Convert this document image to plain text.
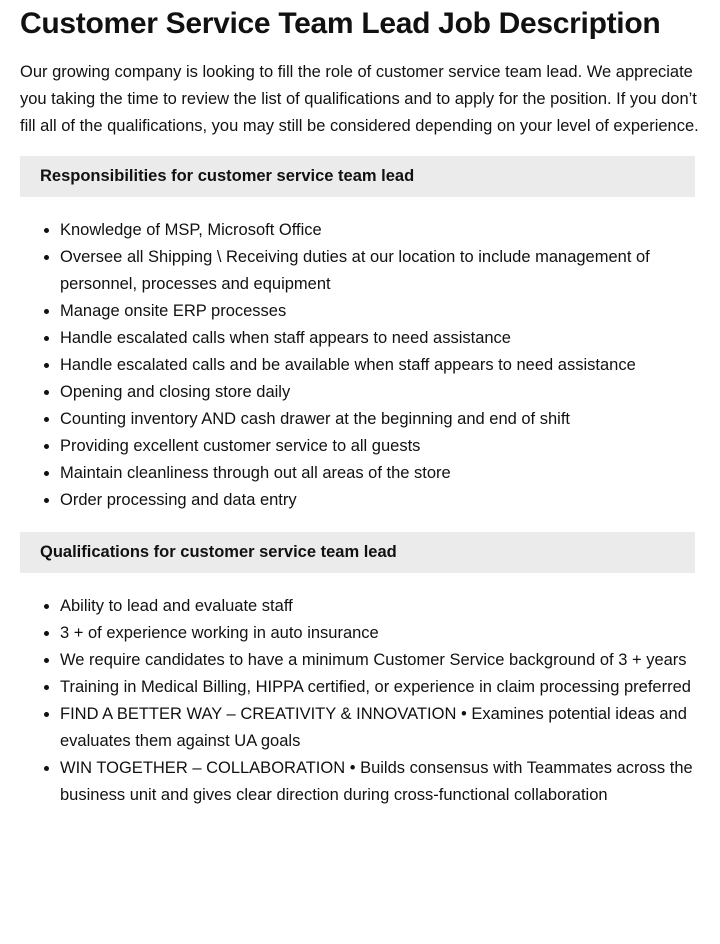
Customer Service Team Lead Job Description

Our growing company is looking to fill the role of customer service team lead. We appreciate you taking the time to review the list of qualifications and to apply for the position. If you don’t fill all of the qualifications, you may still be considered depending on your level of experience.

Responsibilities for customer service team lead
• Knowledge of MSP, Microsoft Office
• Oversee all Shipping \ Receiving duties at our location to include management of personnel, processes and equipment
• Manage onsite ERP processes
• Handle escalated calls when staff appears to need assistance
• Handle escalated calls and be available when staff appears to need assistance
• Opening and closing store daily
• Counting inventory AND cash drawer at the beginning and end of shift
• Providing excellent customer service to all guests
• Maintain cleanliness through out all areas of the store
• Order processing and data entry
Qualifications for customer service team lead
• Ability to lead and evaluate staff
• 3 + of experience working in auto insurance
• We require candidates to have a minimum Customer Service background of 3 + years
• Training in Medical Billing, HIPPA certified, or experience in claim processing preferred
• FIND A BETTER WAY – CREATIVITY & INNOVATION • Examines potential ideas and evaluates them against UA goals
• WIN TOGETHER – COLLABORATION • Builds consensus with Teammates across the business unit and gives clear direction during cross-functional collaboration
